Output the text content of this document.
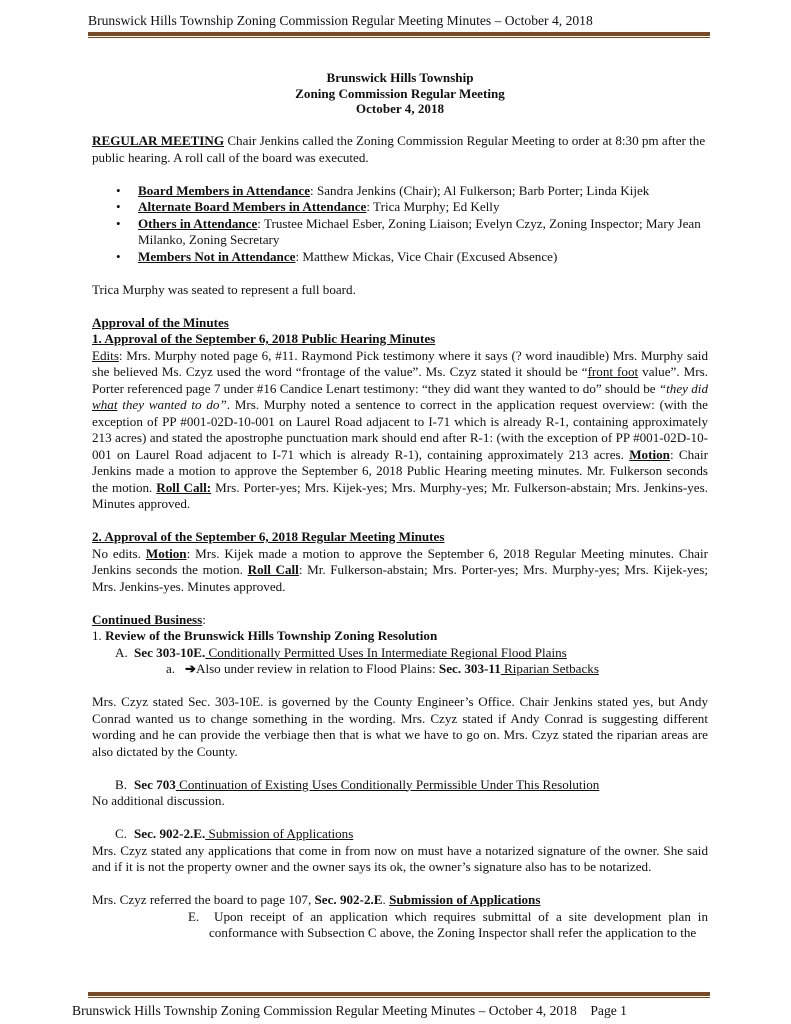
Brunswick Hills Township Zoning Commission Regular Meeting Minutes – October 4, 2018

Brunswick Hills Township

Zoning Commission Regular Meeting

October 4, 2018

REGULAR MEETING Chair Jenkins called the Zoning Commission Regular Meeting to order at 8:30 pm after the public hearing. A roll call of the board was executed.

• Board Members in Attendance: Sandra Jenkins (Chair); Al Fulkerson; Barb Porter; Linda Kijek
• Alternate Board Members in Attendance: Trica Murphy; Ed Kelly
• Others in Attendance: Trustee Michael Esber, Zoning Liaison; Evelyn Czyz, Zoning Inspector; Mary Jean Milanko, Zoning Secretary
• Members Not in Attendance: Matthew Mickas, Vice Chair (Excused Absence)

Trica Murphy was seated to represent a full board.

Approval of the Minutes

1. Approval of the September 6, 2018 Public Hearing Minutes

Edits: Mrs. Murphy noted page 6, #11. Raymond Pick testimony where it says (? word inaudible) Mrs. Murphy said she believed Ms. Czyz used the word “frontage of the value”. Ms. Czyz stated it should be “front foot value”. Mrs. Porter referenced page 7 under #16 Candice Lenart testimony: “they did want they wanted to do” should be “they did what they wanted to do”. Mrs. Murphy noted a sentence to correct in the application request overview: (with the exception of PP #001-02D-10-001 on Laurel Road adjacent to I-71 which is already R-1, containing approximately 213 acres) and stated the apostrophe punctuation mark should end after R-1: (with the exception of PP #001-02D-10-001 on Laurel Road adjacent to I-71 which is already R-1), containing approximately 213 acres. Motion: Chair Jenkins made a motion to approve the September 6, 2018 Public Hearing meeting minutes. Mr. Fulkerson seconds the motion. Roll Call: Mrs. Porter-yes; Mrs. Kijek-yes; Mrs. Murphy-yes; Mr. Fulkerson-abstain; Mrs. Jenkins-yes. Minutes approved.

2. Approval of the September 6, 2018 Regular Meeting Minutes

No edits. Motion: Mrs. Kijek made a motion to approve the September 6, 2018 Regular Meeting minutes. Chair Jenkins seconds the motion. Roll Call: Mr. Fulkerson-abstain; Mrs. Porter-yes; Mrs. Murphy-yes; Mrs. Kijek-yes; Mrs. Jenkins-yes. Minutes approved.

Continued Business:

1. Review of the Brunswick Hills Township Zoning Resolution

A. Sec 303-10E. Conditionally Permitted Uses In Intermediate Regional Flood Plains

a. ➔Also under review in relation to Flood Plains: Sec. 303-11 Riparian Setbacks

Mrs. Czyz stated Sec. 303-10E. is governed by the County Engineer’s Office. Chair Jenkins stated yes, but Andy Conrad wanted us to change something in the wording. Mrs. Czyz stated if Andy Conrad is suggesting different wording and he can provide the verbiage then that is what we have to go on. Mrs. Czyz stated the riparian areas are also dictated by the County.

B. Sec 703 Continuation of Existing Uses Conditionally Permissible Under This Resolution

No additional discussion.

C. Sec. 902-2.E. Submission of Applications

Mrs. Czyz stated any applications that come in from now on must have a notarized signature of the owner. She said and if it is not the property owner and the owner says its ok, the owner’s signature also has to be notarized.

Mrs. Czyz referred the board to page 107, Sec. 902-2.E. Submission of Applications

E. Upon receipt of an application which requires submittal of a site development plan in conformance with Subsection C above, the Zoning Inspector shall refer the application to the

Brunswick Hills Township Zoning Commission Regular Meeting Minutes – October 4, 2018    Page 1
